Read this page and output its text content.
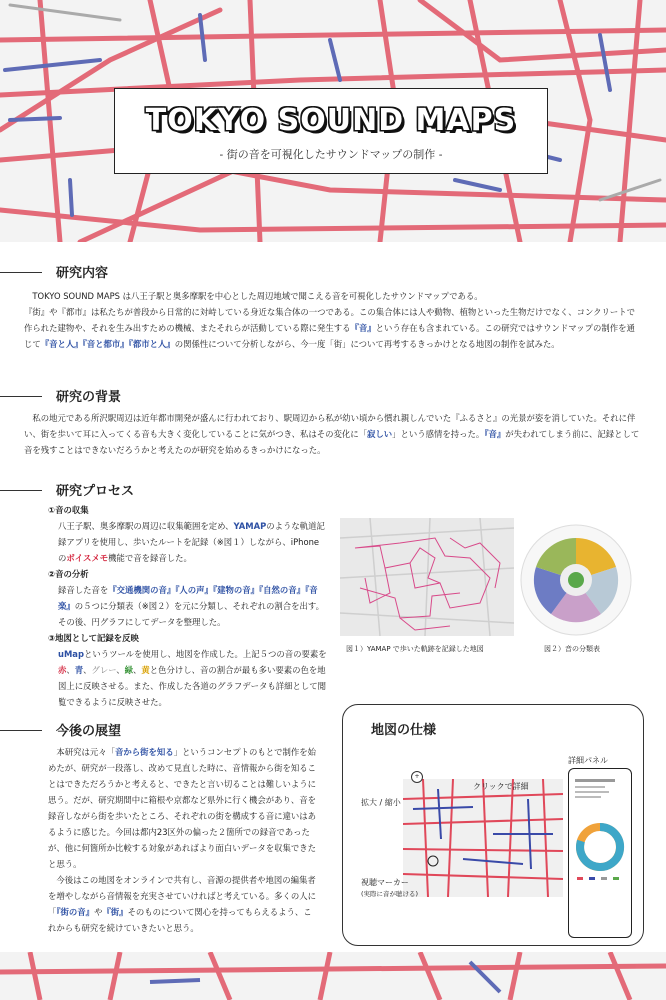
TOKYO SOUND MAPS
- 街の音を可視化したサウンドマップの制作 -
研究内容

TOKYO SOUND MAPS は八王子駅と奥多摩駅を中心とした周辺地域で聞こえる音を可視化したサウンドマップである。

『街』や『都市』は私たちが普段から日常的に対峙している身近な集合体の一つである。この集合体には人や動物、植物といった生物だけでなく、コンクリートで作られた建物や、それを生み出すための機械、またそれらが活動している際に発生する『音』という存在も含まれている。この研究ではサウンドマップの制作を通じて『音と人』『音と都市』『都市と人』の関係性について分析しながら、今一度「街」について再考するきっかけとなる地図の制作を試みた。

研究の背景

私の地元である所沢駅周辺は近年都市開発が盛んに行われており、駅周辺から私が幼い頃から慣れ親しんでいた『ふるさと』の光景が姿を消していた。それに伴い、街を歩いて耳に入ってくる音も大きく変化していることに気がつき、私はその変化に「寂しい」という感情を持った。『音』が失われてしまう前に、記録として音を残すことはできないだろうかと考えたのが研究を始めるきっかけになった。

研究プロセス
①音の収集
八王子駅、奥多摩駅の周辺に収集範囲を定め、YAMAPのような軌道記録アプリを使用し、歩いたルートを記録（※図１）しながら、iPhone のボイスメモ機能で音を録音した。
②音の分析
録音した音を『交通機関の音』『人の声』『建物の音』『自然の音』『音楽』の５つに分類表（※図２）を元に分類し、それぞれの割合を出す。その後、円グラフにしてデータを整理した。
③地図として記録を反映
uMapというツールを使用し、地図を作成した。上記５つの音の要素を赤、青、グレー、緑、黄と色分けし、音の割合が最も多い要素の色を地図上に反映させる。また、作成した各道のグラフデータも詳細として閲覧できるように反映させた。
図１）YAMAP で歩いた軌跡を記録した地図	図２）音の分類表
今後の展望

本研究は元々「音から街を知る」というコンセプトのもとで制作を始めたが、研究が一段落し、改めて見直した時に、音情報から街を知ることはできただろうかと考えると、できたと言い切ることは難しいように思う。だが、研究期間中に箱根や京都など県外に行く機会があり、音を録音しながら街を歩いたところ、それぞれの街を構成する音に違いはあるように感じた。今回は都内23区外の偏った２箇所での録音であったが、他に何箇所か比較する対象があればより面白いデータを収集できたと思う。

今後はこの地図をオンラインで共有し、音源の提供者や地図の編集者を増やしながら音情報を充実させていければと考えている。多くの人に「『街の音』や『街』そのものについて関心を持ってもらえるよう、これからも研究を続けていきたいと思う。

地図の仕様
+
拡大 / 縮小
クリックで詳細
視聴マーカー
(実際に音が聴ける)
詳細パネル
